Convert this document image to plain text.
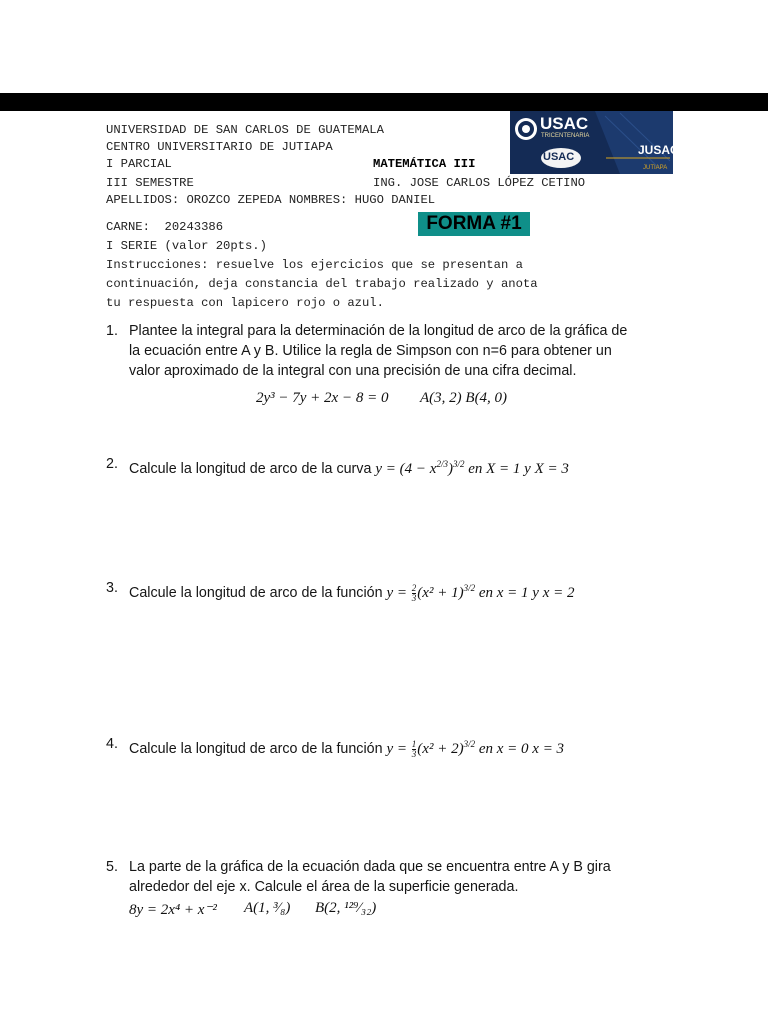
UNIVERSIDAD DE SAN CARLOS DE GUATEMALA
CENTRO UNIVERSITARIO DE JUTIAPA
I PARCIAL	MATEMÁTICA III
III SEMESTRE	ING. JOSE CARLOS LÓPEZ CETINO
APELLIDOS: OROZCO ZEPEDA NOMBRES: HUGO DANIEL
CARNE:  20243386	FORMA #1
I SERIE (valor 20pts.)
Instrucciones: resuelve los ejercicios que se presentan a
continuación, deja constancia del trabajo realizado y anota
tu respuesta con lapicero rojo o azul.
USAC
TRICENTENARIA
USAC	JUSAC
JUTIAPA
1. Plantee la integral para la determinación de la longitud de arco de la gráfica de
la ecuación entre A y B. Utilice la regla de Simpson con n=6 para obtener un
valor aproximado de la integral con una precisión de una cifra decimal.
2y³ − 7y + 2x − 8 = 0 A(3, 2) B(4, 0)
2. Calcule la longitud de arco de la curva $y = (4 - x^{2/3})^{3/2}$ en X = 1 y X = 3
3. Calcule la longitud de arco de la función $y = \frac{2}{3} (x^2 + 1)^{3/2}$ en x = 1 y x = 2
4. Calcule la longitud de arco de la función $y = \frac{1}{3} (x^2 + 2)^{3/2}$ en x = 0 x = 3
5. La parte de la gráfica de la ecuación dada que se encuentra entre A y B gira
alrededor del eje x. Calcule el área de la superficie generada.
8y = 2x⁴ + x⁻² A(1, ³⁄₈) B(2, ¹²⁹⁄₃₂)
